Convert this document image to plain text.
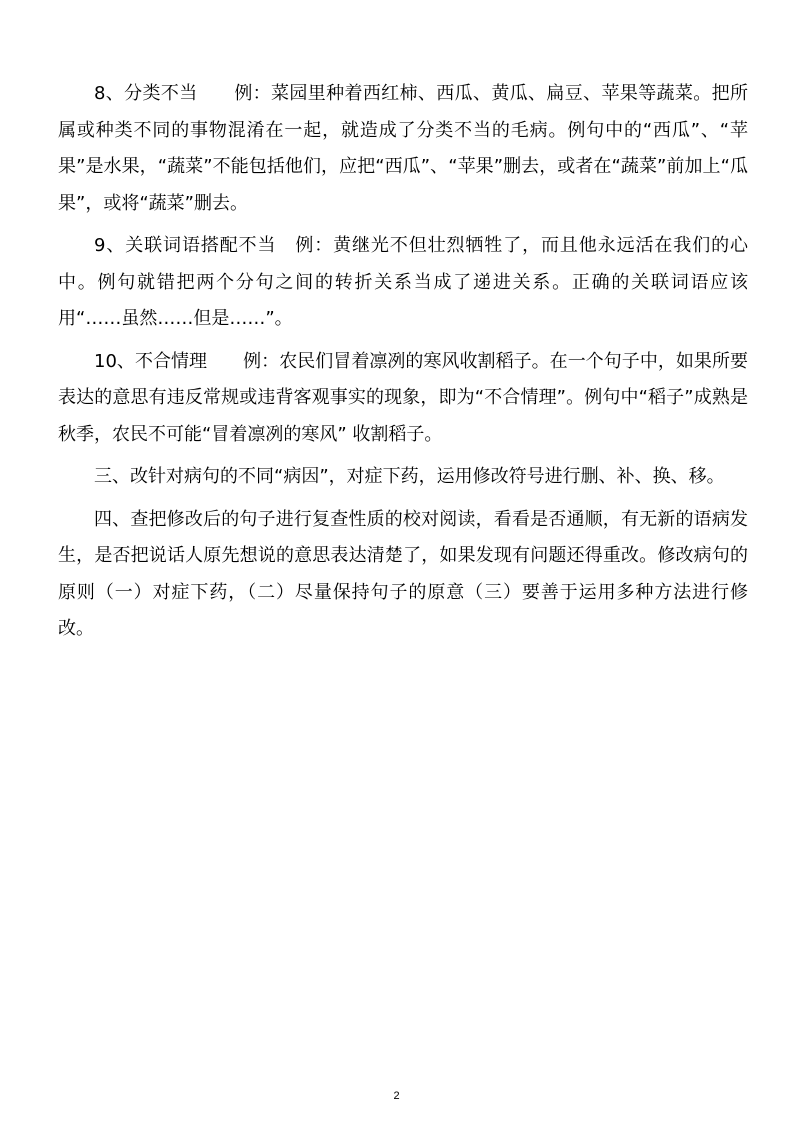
8、分类不当　　例：菜园里种着西红柿、西瓜、黄瓜、扁豆、苹果等蔬菜。把所属或种类不同的事物混淆在一起，就造成了分类不当的毛病。例句中的“西瓜”、“苹果”是水果，“蔬菜”不能包括他们，应把“西瓜”、“苹果”删去，或者在“蔬菜”前加上“瓜果”，或将“蔬菜”删去。

9、关联词语搭配不当　例：黄继光不但壮烈牺牲了，而且他永远活在我们的心中。例句就错把两个分句之间的转折关系当成了递进关系。正确的关联词语应该用“……虽然……但是……”。

10、不合情理　　例：农民们冒着凛冽的寒风收割稻子。在一个句子中，如果所要表达的意思有违反常规或违背客观事实的现象，即为“不合情理”。例句中“稻子”成熟是秋季，农民不可能“冒着凛冽的寒风” 收割稻子。

三、改针对病句的不同“病因”，对症下药，运用修改符号进行删、补、换、移。

四、查把修改后的句子进行复查性质的校对阅读，看看是否通顺，有无新的语病发生，是否把说话人原先想说的意思表达清楚了，如果发现有问题还得重改。修改病句的原则（一）对症下药，（二）尽量保持句子的原意（三）要善于运用多种方法进行修改。

2
